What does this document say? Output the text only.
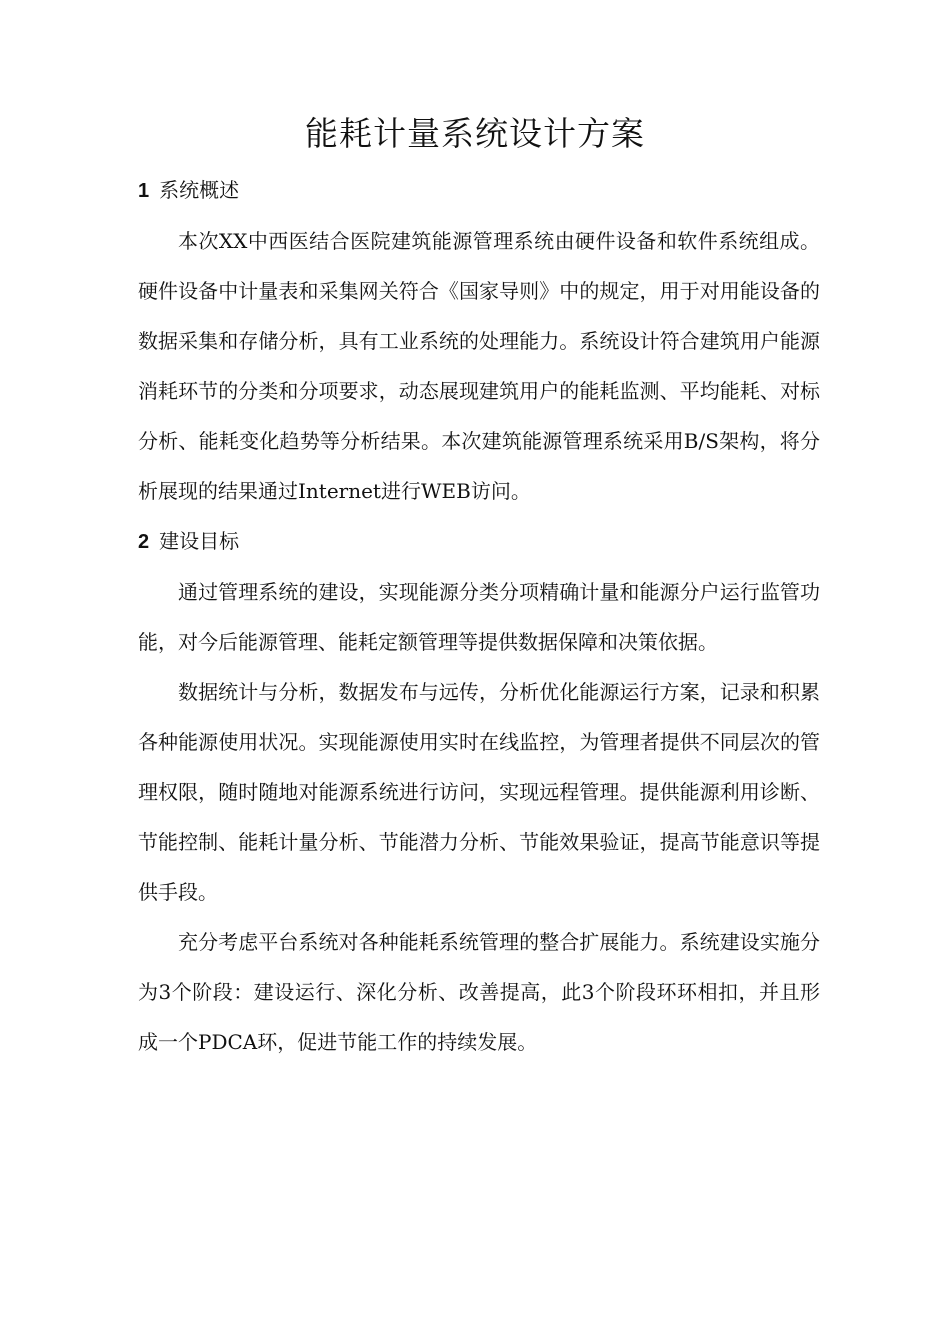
能耗计量系统设计方案
1 系统概述

本次XX中西医结合医院建筑能源管理系统由硬件设备和软件系统组成。硬件设备中计量表和采集网关符合《国家导则》中的规定，用于对用能设备的数据采集和存储分析，具有工业系统的处理能力。系统设计符合建筑用户能源消耗环节的分类和分项要求，动态展现建筑用户的能耗监测、平均能耗、对标分析、能耗变化趋势等分析结果。本次建筑能源管理系统采用B/S架构，将分析展现的结果通过Internet进行WEB访问。

2 建设目标

通过管理系统的建设，实现能源分类分项精确计量和能源分户运行监管功能，对今后能源管理、能耗定额管理等提供数据保障和决策依据。

数据统计与分析，数据发布与远传，分析优化能源运行方案，记录和积累各种能源使用状况。实现能源使用实时在线监控，为管理者提供不同层次的管理权限，随时随地对能源系统进行访问，实现远程管理。提供能源利用诊断、节能控制、能耗计量分析、节能潜力分析、节能效果验证，提高节能意识等提供手段。

充分考虑平台系统对各种能耗系统管理的整合扩展能力。系统建设实施分为3个阶段：建设运行、深化分析、改善提高，此3个阶段环环相扣，并且形成一个PDCA环，促进节能工作的持续发展。
